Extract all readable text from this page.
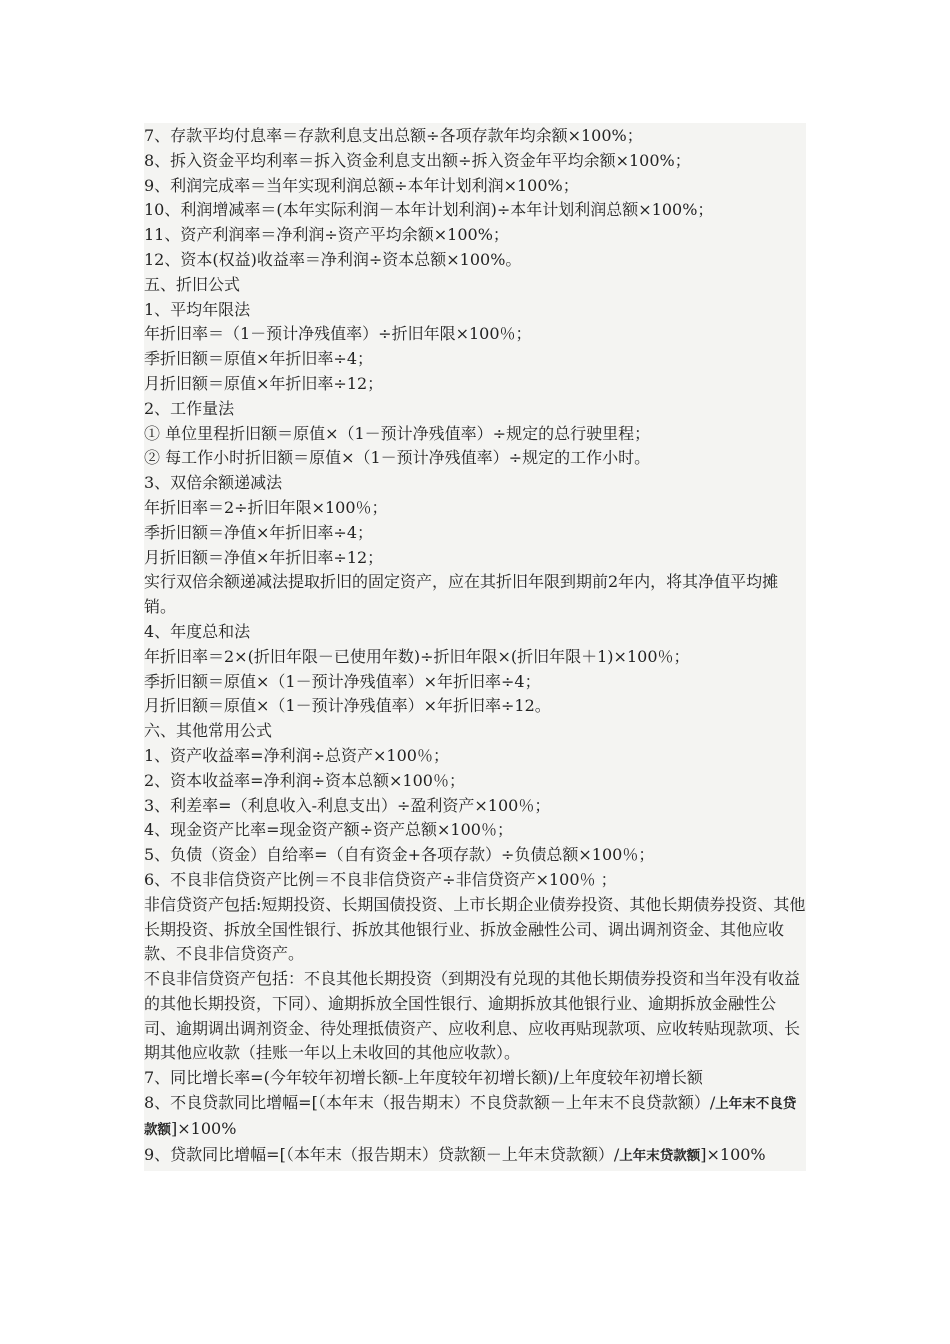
7、存款平均付息率＝存款利息支出总额÷各项存款年均余额×100%；
8、拆入资金平均利率＝拆入资金利息支出额÷拆入资金年平均余额×100%；
9、利润完成率＝当年实现利润总额÷本年计划利润×100%；
10、利润增减率＝(本年实际利润－本年计划利润)÷本年计划利润总额×100%；
11、资产利润率＝净利润÷资产平均余额×100%；
12、资本(权益)收益率＝净利润÷资本总额×100%。
五、折旧公式
1、平均年限法
年折旧率＝（1－预计净残值率）÷折旧年限×100％；
季折旧额＝原值×年折旧率÷4；
月折旧额＝原值×年折旧率÷12；
2、工作量法
① 单位里程折旧额＝原值×（1－预计净残值率）÷规定的总行驶里程；
② 每工作小时折旧额＝原值×（1－预计净残值率）÷规定的工作小时。
3、双倍余额递减法
年折旧率＝2÷折旧年限×100％；
季折旧额＝净值×年折旧率÷4；
月折旧额＝净值×年折旧率÷12；
实行双倍余额递减法提取折旧的固定资产，应在其折旧年限到期前2年内，将其净值平均摊销。
4、年度总和法
年折旧率＝2×(折旧年限－已使用年数)÷折旧年限×(折旧年限＋1)×100％；
季折旧额＝原值×（1－预计净残值率）×年折旧率÷4；
月折旧额＝原值×（1－预计净残值率）×年折旧率÷12。
六、其他常用公式
1、资产收益率=净利润÷总资产×100％；
2、资本收益率=净利润÷资本总额×100％；
3、利差率=（利息收入-利息支出）÷盈利资产×100％；
4、现金资产比率=现金资产额÷资产总额×100％；
5、负债（资金）自给率=（自有资金+各项存款）÷负债总额×100％；
6、不良非信贷资产比例＝不良非信贷资产÷非信贷资产×100％ ；
非信贷资产包括:短期投资、长期国债投资、上市长期企业债券投资、其他长期债券投资、其他长期投资、拆放全国性银行、拆放其他银行业、拆放金融性公司、调出调剂资金、其他应收款、不良非信贷资产。
不良非信贷资产包括：不良其他长期投资（到期没有兑现的其他长期债券投资和当年没有收益的其他长期投资，下同）、逾期拆放全国性银行、逾期拆放其他银行业、逾期拆放金融性公司、逾期调出调剂资金、待处理抵债资产、应收利息、应收再贴现款项、应收转贴现款项、长期其他应收款（挂账一年以上未收回的其他应收款）。
7、同比增长率=(今年较年初增长额-上年度较年初增长额)/上年度较年初增长额
8、不良贷款同比增幅=[（本年末（报告期末）不良贷款额－上年末不良贷款额）/上年末不良贷款额]×100%
9、贷款同比增幅=[（本年末（报告期末）贷款额－上年末贷款额）/上年末贷款额]×100%
